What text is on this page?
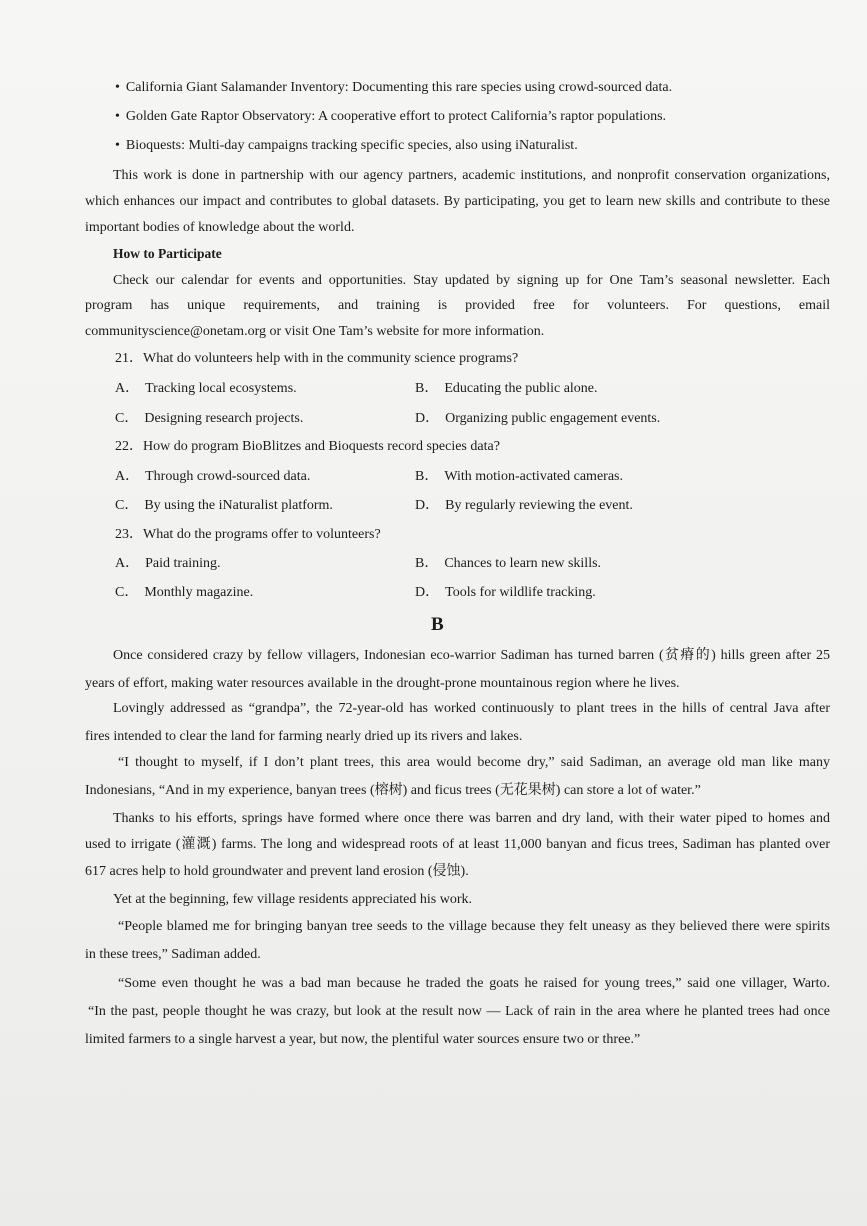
• California Giant Salamander Inventory: Documenting this rare species using crowd-sourced data.
• Golden Gate Raptor Observatory: A cooperative effort to protect California’s raptor populations.
• Bioquests: Multi-day campaigns tracking specific species, also using iNaturalist.
This work is done in partnership with our agency partners, academic institutions, and nonprofit conservation organizations,
which enhances our impact and contributes to global datasets. By participating, you get to learn new skills and contribute to these
important bodies of knowledge about the world.
How to Participate
Check our calendar for events and opportunities. Stay updated by signing up for One Tam’s seasonal newsletter. Each
program has unique requirements, and training is provided free for volunteers. For questions, email
communityscience@onetam.org or visit One Tam’s website for more information.
21．What do volunteers help with in the community science programs?
A． Tracking local ecosystems.	B． Educating the public alone.
C． Designing research projects.	D． Organizing public engagement events.
22．How do program BioBlitzes and Bioquests record species data?
A． Through crowd-sourced data.	B． With motion-activated cameras.
C． By using the iNaturalist platform.	D． By regularly reviewing the event.
23．What do the programs offer to volunteers?
A． Paid training.	B． Chances to learn new skills.
C． Monthly magazine.	D． Tools for wildlife tracking.
B
Once considered crazy by fellow villagers, Indonesian eco-warrior Sadiman has turned barren (贫瘠的) hills green after 25
years of effort, making water resources available in the drought-prone mountainous region where he lives.
Lovingly addressed as “grandpa”, the 72-year-old has worked continuously to plant trees in the hills of central Java after
fires intended to clear the land for farming nearly dried up its rivers and lakes.
“I thought to myself, if I don’t plant trees, this area would become dry,” said Sadiman, an average old man like many
Indonesians, “And in my experience, banyan trees (榕树) and ficus trees (无花果树) can store a lot of water.”
Thanks to his efforts, springs have formed where once there was barren and dry land, with their water piped to homes and
used to irrigate (灌溉) farms. The long and widespread roots of at least 11,000 banyan and ficus trees, Sadiman has planted over
617 acres help to hold groundwater and prevent land erosion (侵蚀).
Yet at the beginning, few village residents appreciated his work.
“People blamed me for bringing banyan tree seeds to the village because they felt uneasy as they believed there were spirits
in these trees,” Sadiman added.
“Some even thought he was a bad man because he traded the goats he raised for young trees,” said one villager, Warto.
“In the past, people thought he was crazy, but look at the result now — Lack of rain in the area where he planted trees had once
limited farmers to a single harvest a year, but now, the plentiful water sources ensure two or three.”
